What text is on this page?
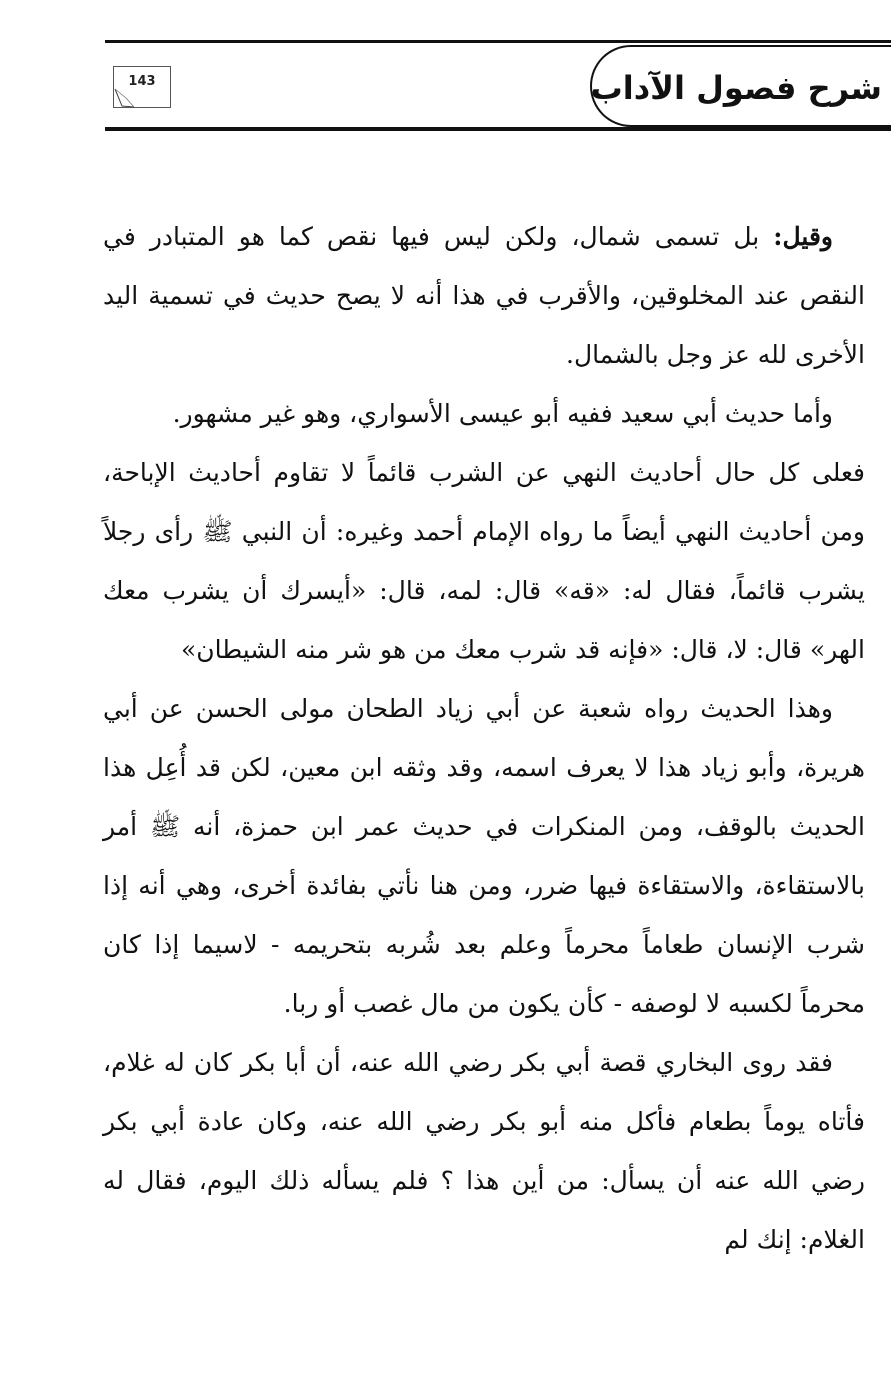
شرح فصول الآداب
143

وقيل: بل تسمى شمال، ولكن ليس فيها نقص كما هو المتبادر في النقص عند المخلوقين، والأقرب في هذا أنه لا يصح حديث في تسمية اليد الأخرى لله عز وجل بالشمال.

وأما حديث أبي سعيد ففيه أبو عيسى الأسواري، وهو غير مشهور.

فعلى كل حال أحاديث النهي عن الشرب قائماً لا تقاوم أحاديث الإباحة، ومن أحاديث النهي أيضاً ما رواه الإمام أحمد وغيره: أن النبي ﷺ رأى رجلاً يشرب قائماً، فقال له: «قه» قال: لمه، قال: «أيسرك أن يشرب معك الهر» قال: لا، قال: «فإنه قد شرب معك من هو شر منه الشيطان»

وهذا الحديث رواه شعبة عن أبي زياد الطحان مولى الحسن عن أبي هريرة، وأبو زياد هذا لا يعرف اسمه، وقد وثقه ابن معين، لكن قد أُعِل هذا الحديث بالوقف، ومن المنكرات في حديث عمر ابن حمزة، أنه ﷺ أمر بالاستقاءة، والاستقاءة فيها ضرر، ومن هنا نأتي بفائدة أخرى، وهي أنه إذا شرب الإنسان طعاماً محرماً وعلم بعد شُربه بتحريمه - لاسيما إذا كان محرماً لكسبه لا لوصفه - كأن يكون من مال غصب أو ربا.

فقد روى البخاري قصة أبي بكر رضي الله عنه، أن أبا بكر كان له غلام، فأتاه يوماً بطعام فأكل منه أبو بكر رضي الله عنه، وكان عادة أبي بكر رضي الله عنه أن يسأل: من أين هذا ؟ فلم يسأله ذلك اليوم، فقال له الغلام: إنك لم
